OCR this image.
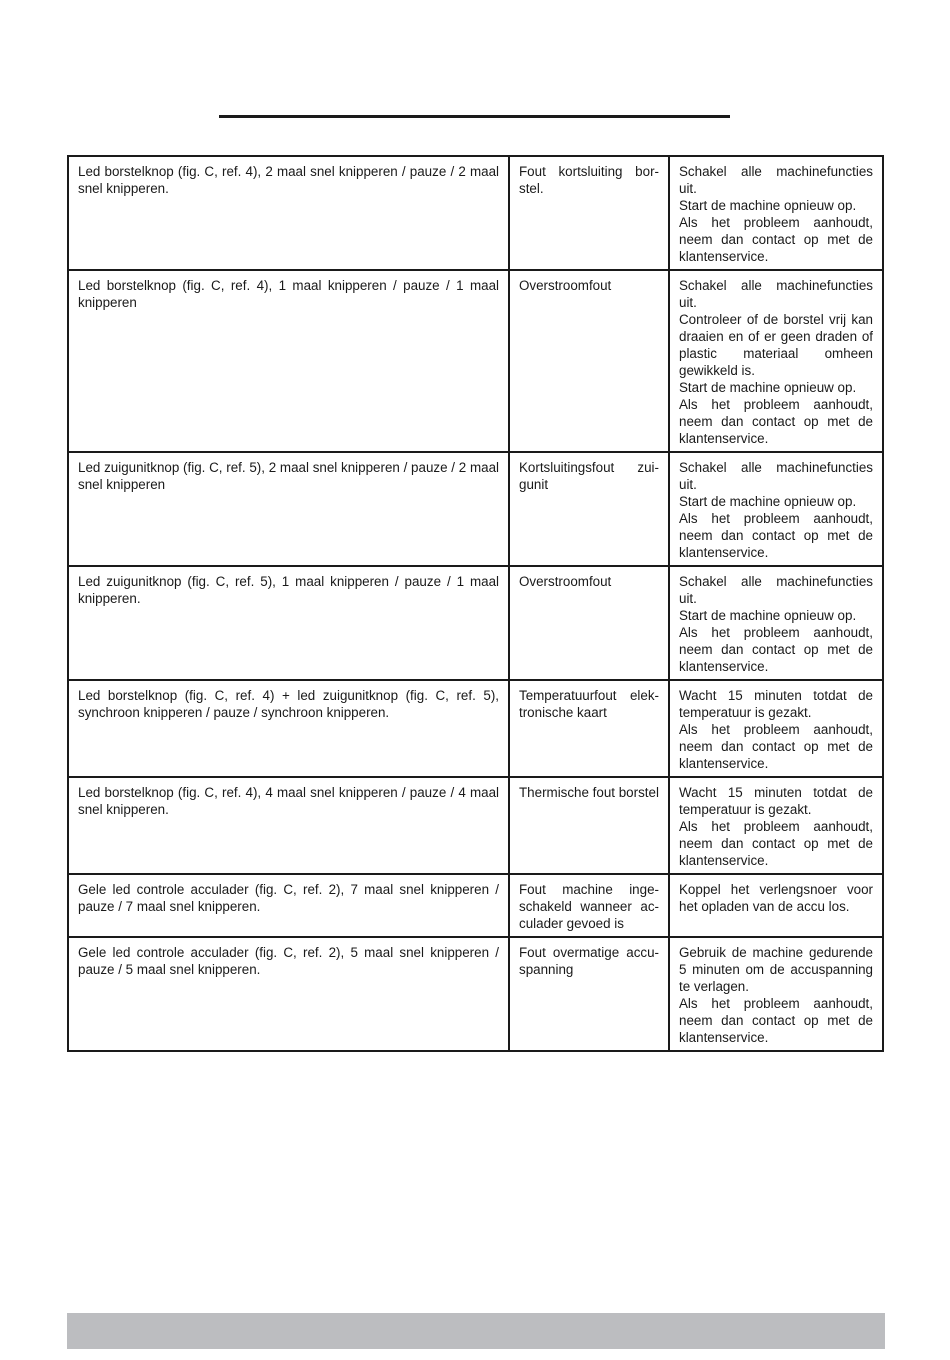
Led borstelknop (fig. C, ref. 4), 2 maal snel knipperen / pauze / 2 maal snel knipperen.	Fout kortsluiting borstel.	Schakel alle machinefuncties uit.
Start de machine opnieuw op.
Als het probleem aanhoudt, neem dan contact op met de klantenservice.

Led borstelknop (fig. C, ref. 4), 1 maal knipperen / pauze / 1 maal knipperen	Overstroomfout	Schakel alle machinefuncties uit.
Controleer of de borstel vrij kan draaien en of er geen draden of plastic materiaal omheen gewikkeld is.
Start de machine opnieuw op.
Als het probleem aanhoudt, neem dan contact op met de klantenservice.

Led zuigunitknop (fig. C, ref. 5), 2 maal snel knipperen / pauze / 2 maal snel knipperen	Kortsluitingsfout zuigunit	Schakel alle machinefuncties uit.
Start de machine opnieuw op.
Als het probleem aanhoudt, neem dan contact op met de klantenservice.

Led zuigunitknop (fig. C, ref. 5), 1 maal knipperen / pauze / 1 maal knipperen.	Overstroomfout	Schakel alle machinefuncties uit.
Start de machine opnieuw op.
Als het probleem aanhoudt, neem dan contact op met de klantenservice.

Led borstelknop (fig. C, ref. 4) + led zuigunitknop (fig. C, ref. 5), synchroon knipperen / pauze / synchroon knipperen.	Temperatuurfout elektronische kaart	Wacht 15 minuten totdat de temperatuur is gezakt.
Als het probleem aanhoudt, neem dan contact op met de klantenservice.

Led borstelknop (fig. C, ref. 4), 4 maal snel knipperen / pauze / 4 maal snel knipperen.	Thermische fout borstel	Wacht 15 minuten totdat de temperatuur is gezakt.
Als het probleem aanhoudt, neem dan contact op met de klantenservice.

Gele led controle acculader (fig. C, ref. 2), 7 maal snel knipperen / pauze / 7 maal snel knipperen.	Fout machine ingeschakeld wanneer acculader gevoed is	Koppel het verlengsnoer voor het opladen van de accu los.

Gele led controle acculader (fig. C, ref. 2), 5 maal snel knipperen / pauze / 5 maal snel knipperen.	Fout overmatige accuspanning	Gebruik de machine gedurende 5 minuten om de accuspanning te verlagen.
Als het probleem aanhoudt, neem dan contact op met de klantenservice.
